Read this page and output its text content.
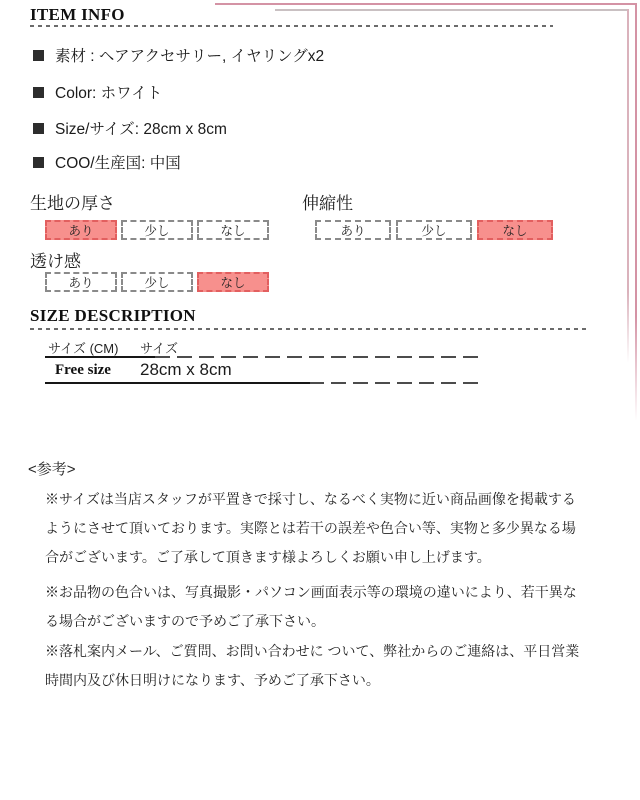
ITEM INFO
素材 : ヘアアクセサリー, イヤリングx2
Color: ホワイト
Size/サイズ: 28cm x 8cm
COO/生産国: 中国
生地の厚さ
あり	少し	なし
伸縮性
あり	少し	なし
透け感
あり	少し	なし
SIZE DESCRIPTION
サイズ (CM) サイズ
Free size 28cm x 8cm
<参考>
※サイズは当店スタッフが平置きで採寸し、なるべく実物に近い商品画像を掲載するようにさせて頂いております。実際とは若干の誤差や色合い等、実物と多少異なる場合がございます。ご了承して頂きます様よろしくお願い申し上げます。
※お品物の色合いは、写真撮影・パソコン画面表示等の環境の違いにより、若干異なる場合がございますので予めご了承下さい。
※落札案内メール、ご質問、お問い合わせに ついて、弊社からのご連絡は、平日営業時間内及び休日明けになります、予めご了承下さい。
